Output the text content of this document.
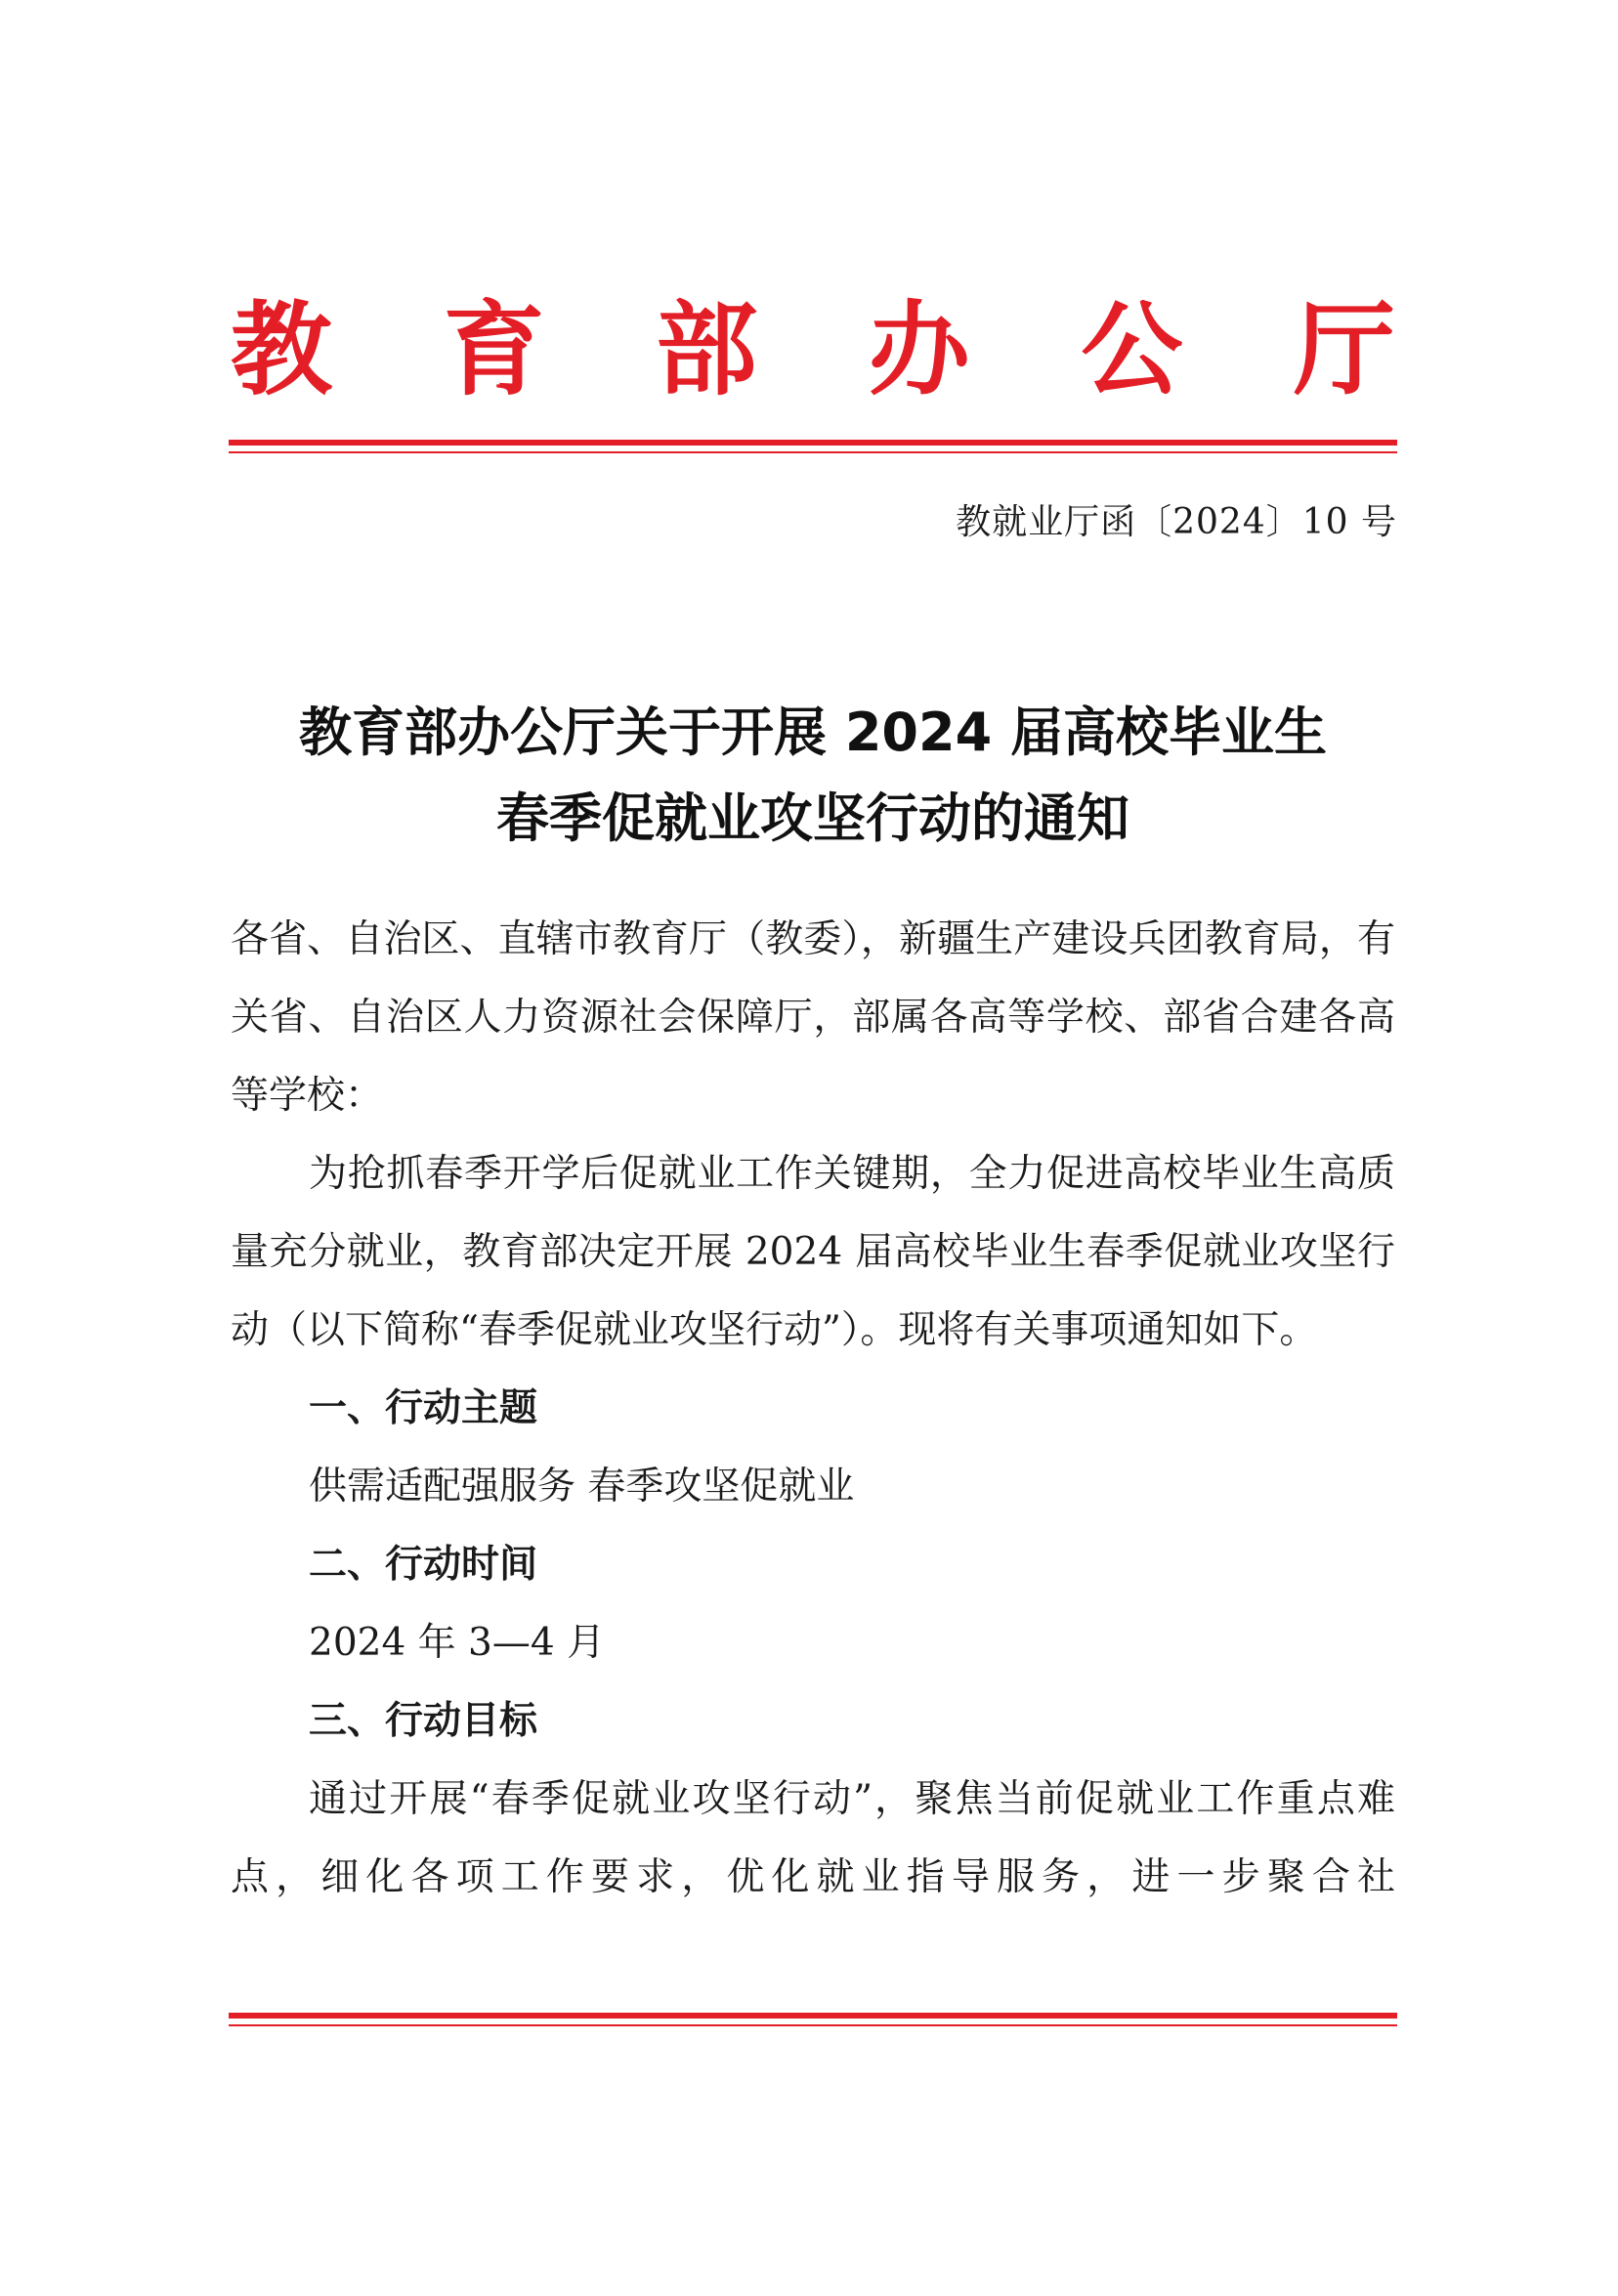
教育部办公厅
教就业厅函〔2024〕10 号
教育部办公厅关于开展 2024 届高校毕业生
春季促就业攻坚行动的通知

各省、自治区、直辖市教育厅（教委），新疆生产建设兵团教育局，有关省、自治区人力资源社会保障厅，部属各高等学校、部省合建各高等学校：

为抢抓春季开学后促就业工作关键期，全力促进高校毕业生高质量充分就业，教育部决定开展 2024 届高校毕业生春季促就业攻坚行动（以下简称“春季促就业攻坚行动”）。现将有关事项通知如下。

一、行动主题

供需适配强服务 春季攻坚促就业

二、行动时间

2024 年 3—4 月

三、行动目标

通过开展“春季促就业攻坚行动”，聚焦当前促就业工作重点难点，细化各项工作要求，优化就业指导服务，进一步聚合社
